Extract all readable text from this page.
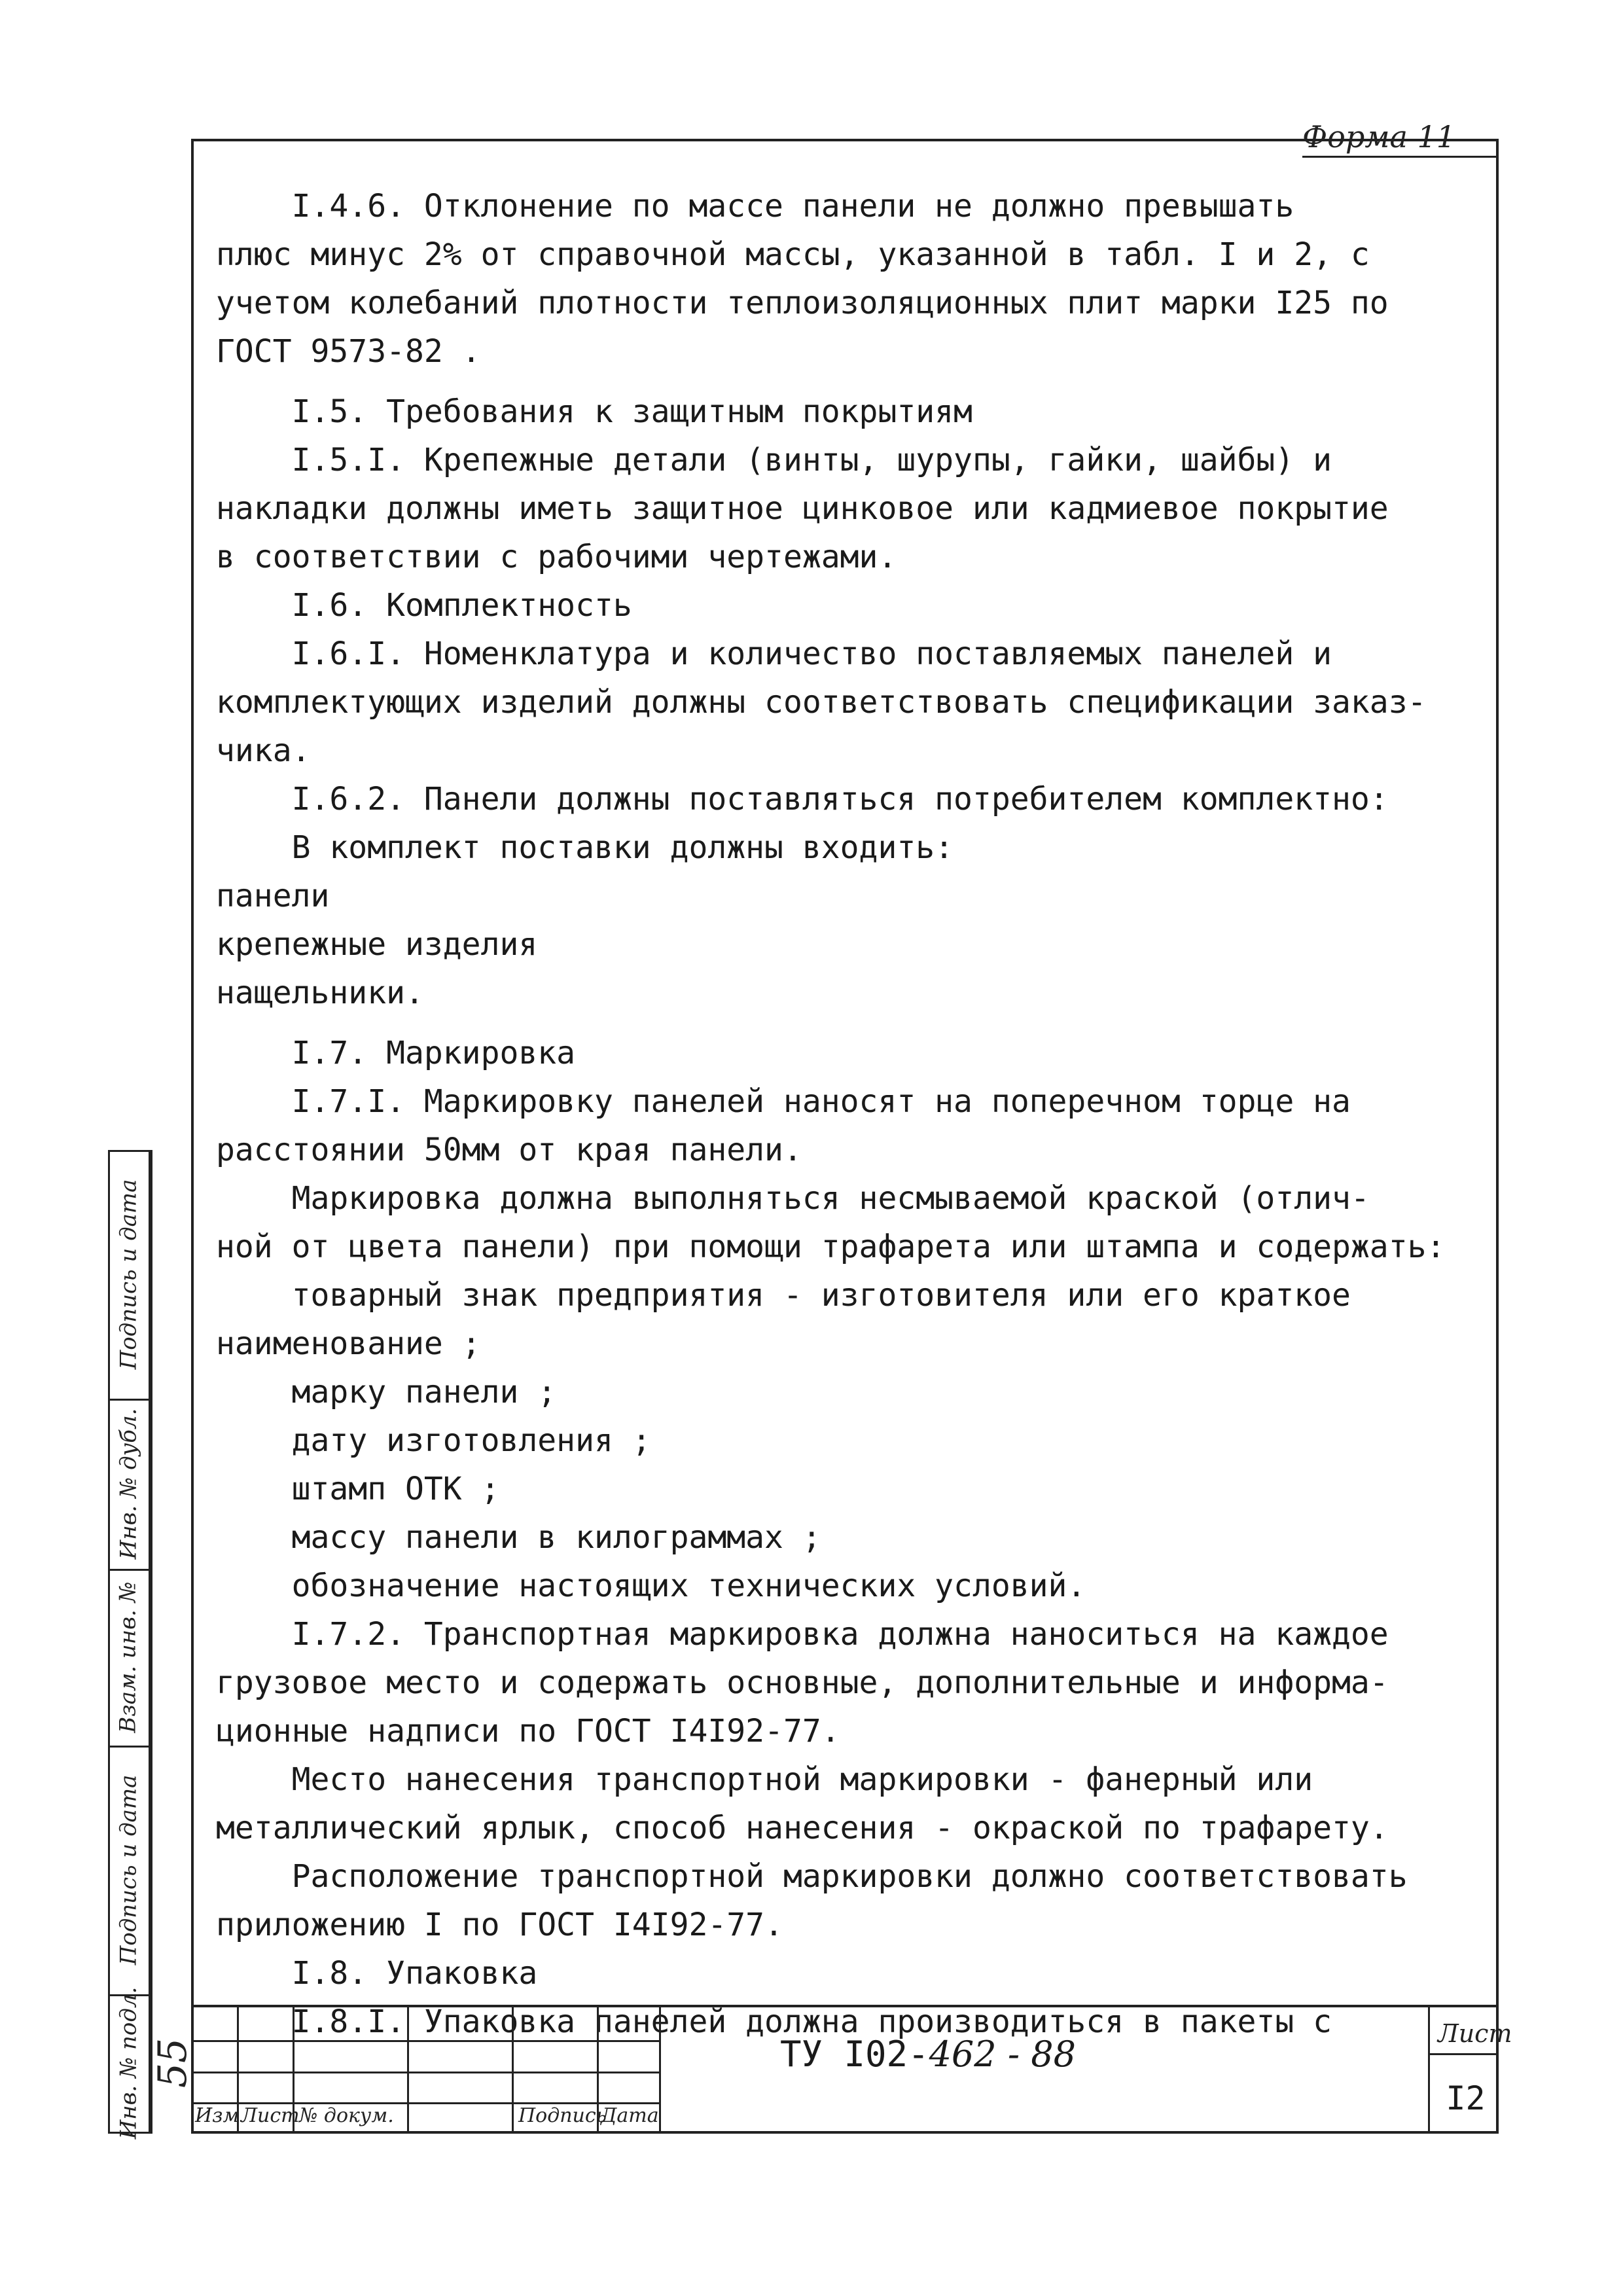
Форма 11
I.4.6. Отклонение по массе панели не должно превышать
плюс минус 2% от справочной массы, указанной в табл. I и 2, с
учетом колебаний плотности теплоизоляционных плит марки I25 по
ГОСТ 9573-82 .
I.5. Требования к защитным покрытиям
I.5.I. Крепежные детали (винты, шурупы, гайки, шайбы) и
накладки должны иметь защитное цинковое или кадмиевое покрытие
в соответствии с рабочими чертежами.
I.6. Комплектность
I.6.I. Номенклатура и количество поставляемых панелей и
комплектующих изделий должны соответствовать спецификации заказ-
чика.
I.6.2. Панели должны поставляться потребителем комплектно:
В комплект поставки должны входить:
панели
крепежные изделия
нащельники.
I.7. Маркировка
I.7.I. Маркировку панелей наносят на поперечном торце на
расстоянии 50мм от края панели.
Маркировка должна выполняться несмываемой краской (отлич-
ной от цвета панели) при помощи трафарета или штампа и содержать:
товарный знак предприятия - изготовителя или его краткое
наименование ;
марку панели ;
дату изготовления ;
штамп ОТК ;
массу панели в килограммах ;
обозначение настоящих технических условий.
I.7.2. Транспортная маркировка должна наноситься на каждое
грузовое место и содержать основные, дополнительные и информа-
ционные надписи по ГОСТ I4I92-77.
Место нанесения транспортной маркировки - фанерный или
металлический ярлык, способ нанесения - окраской по трафарету.
Расположение транспортной маркировки должно соответствовать
приложению I по ГОСТ I4I92-77.
I.8. Упаковка
I.8.I. Упаковка панелей должна производиться в пакеты с
Подпись и дата
Инв. № дубл.
Взам. инв. №
Подпись и дата
Инв. № подл. 55
Изм Лист № докум.	Подпись
Дата
ТУ I02-462 - 88	Лист
I2
